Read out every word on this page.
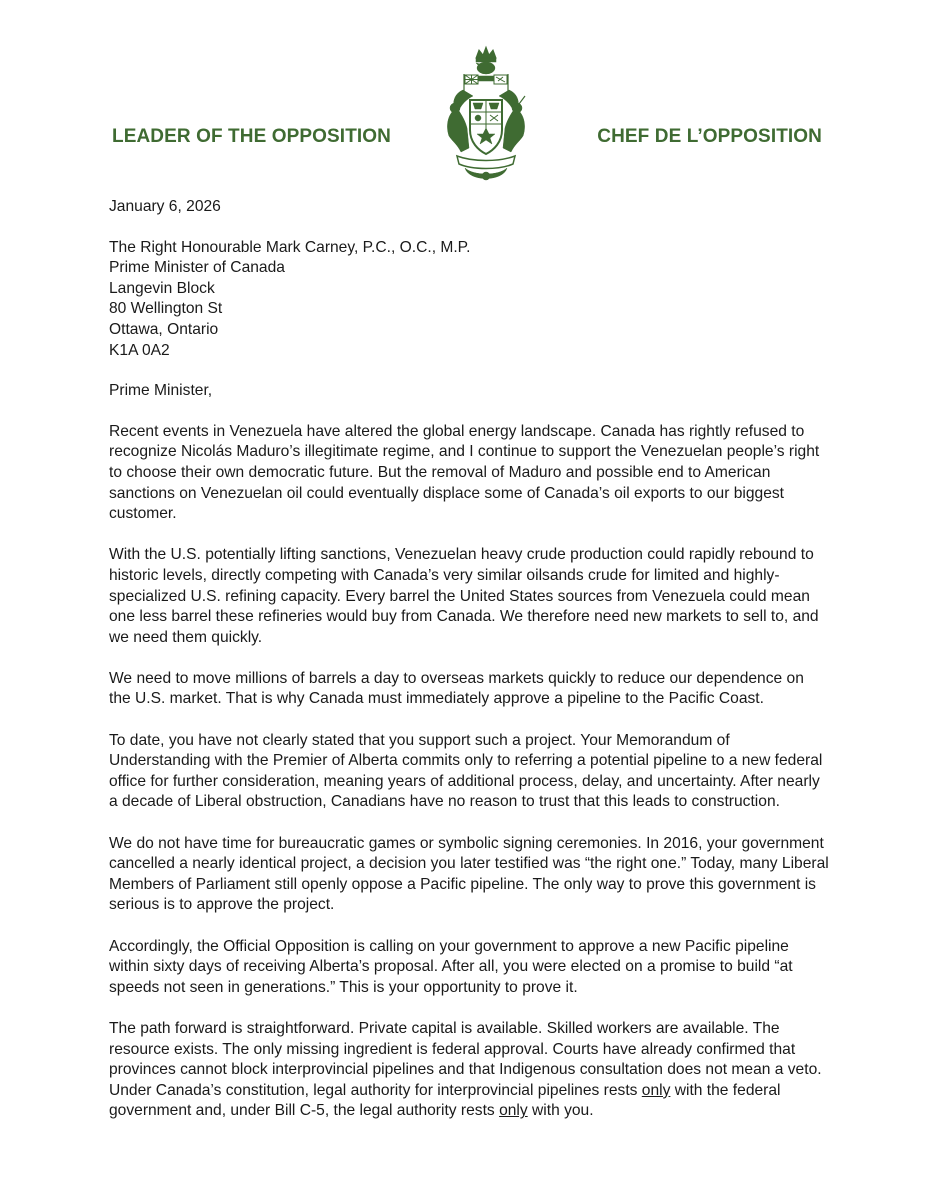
LEADER OF THE OPPOSITION	CHEF DE L’OPPOSITION
January 6, 2026
The Right Honourable Mark Carney, P.C., O.C., M.P.
Prime Minister of Canada
Langevin Block
80 Wellington St
Ottawa, Ontario
K1A 0A2
Prime Minister,

Recent events in Venezuela have altered the global energy landscape. Canada has rightly refused to recognize Nicolás Maduro’s illegitimate regime, and I continue to support the Venezuelan people’s right to choose their own democratic future. But the removal of Maduro and possible end to American sanctions on Venezuelan oil could eventually displace some of Canada’s oil exports to our biggest customer.

With the U.S. potentially lifting sanctions, Venezuelan heavy crude production could rapidly rebound to historic levels, directly competing with Canada’s very similar oilsands crude for limited and highly-specialized U.S. refining capacity. Every barrel the United States sources from Venezuela could mean one less barrel these refineries would buy from Canada. We therefore need new markets to sell to, and we need them quickly.

We need to move millions of barrels a day to overseas markets quickly to reduce our dependence on the U.S. market. That is why Canada must immediately approve a pipeline to the Pacific Coast.

To date, you have not clearly stated that you support such a project. Your Memorandum of Understanding with the Premier of Alberta commits only to referring a potential pipeline to a new federal office for further consideration, meaning years of additional process, delay, and uncertainty. After nearly a decade of Liberal obstruction, Canadians have no reason to trust that this leads to construction.

We do not have time for bureaucratic games or symbolic signing ceremonies. In 2016, your government cancelled a nearly identical project, a decision you later testified was “the right one.” Today, many Liberal Members of Parliament still openly oppose a Pacific pipeline. The only way to prove this government is serious is to approve the project.

Accordingly, the Official Opposition is calling on your government to approve a new Pacific pipeline within sixty days of receiving Alberta’s proposal. After all, you were elected on a promise to build “at speeds not seen in generations.” This is your opportunity to prove it.

The path forward is straightforward. Private capital is available. Skilled workers are available. The resource exists. The only missing ingredient is federal approval. Courts have already confirmed that provinces cannot block interprovincial pipelines and that Indigenous consultation does not mean a veto. Under Canada’s constitution, legal authority for interprovincial pipelines rests only with the federal government and, under Bill C-5, the legal authority rests only with you.
